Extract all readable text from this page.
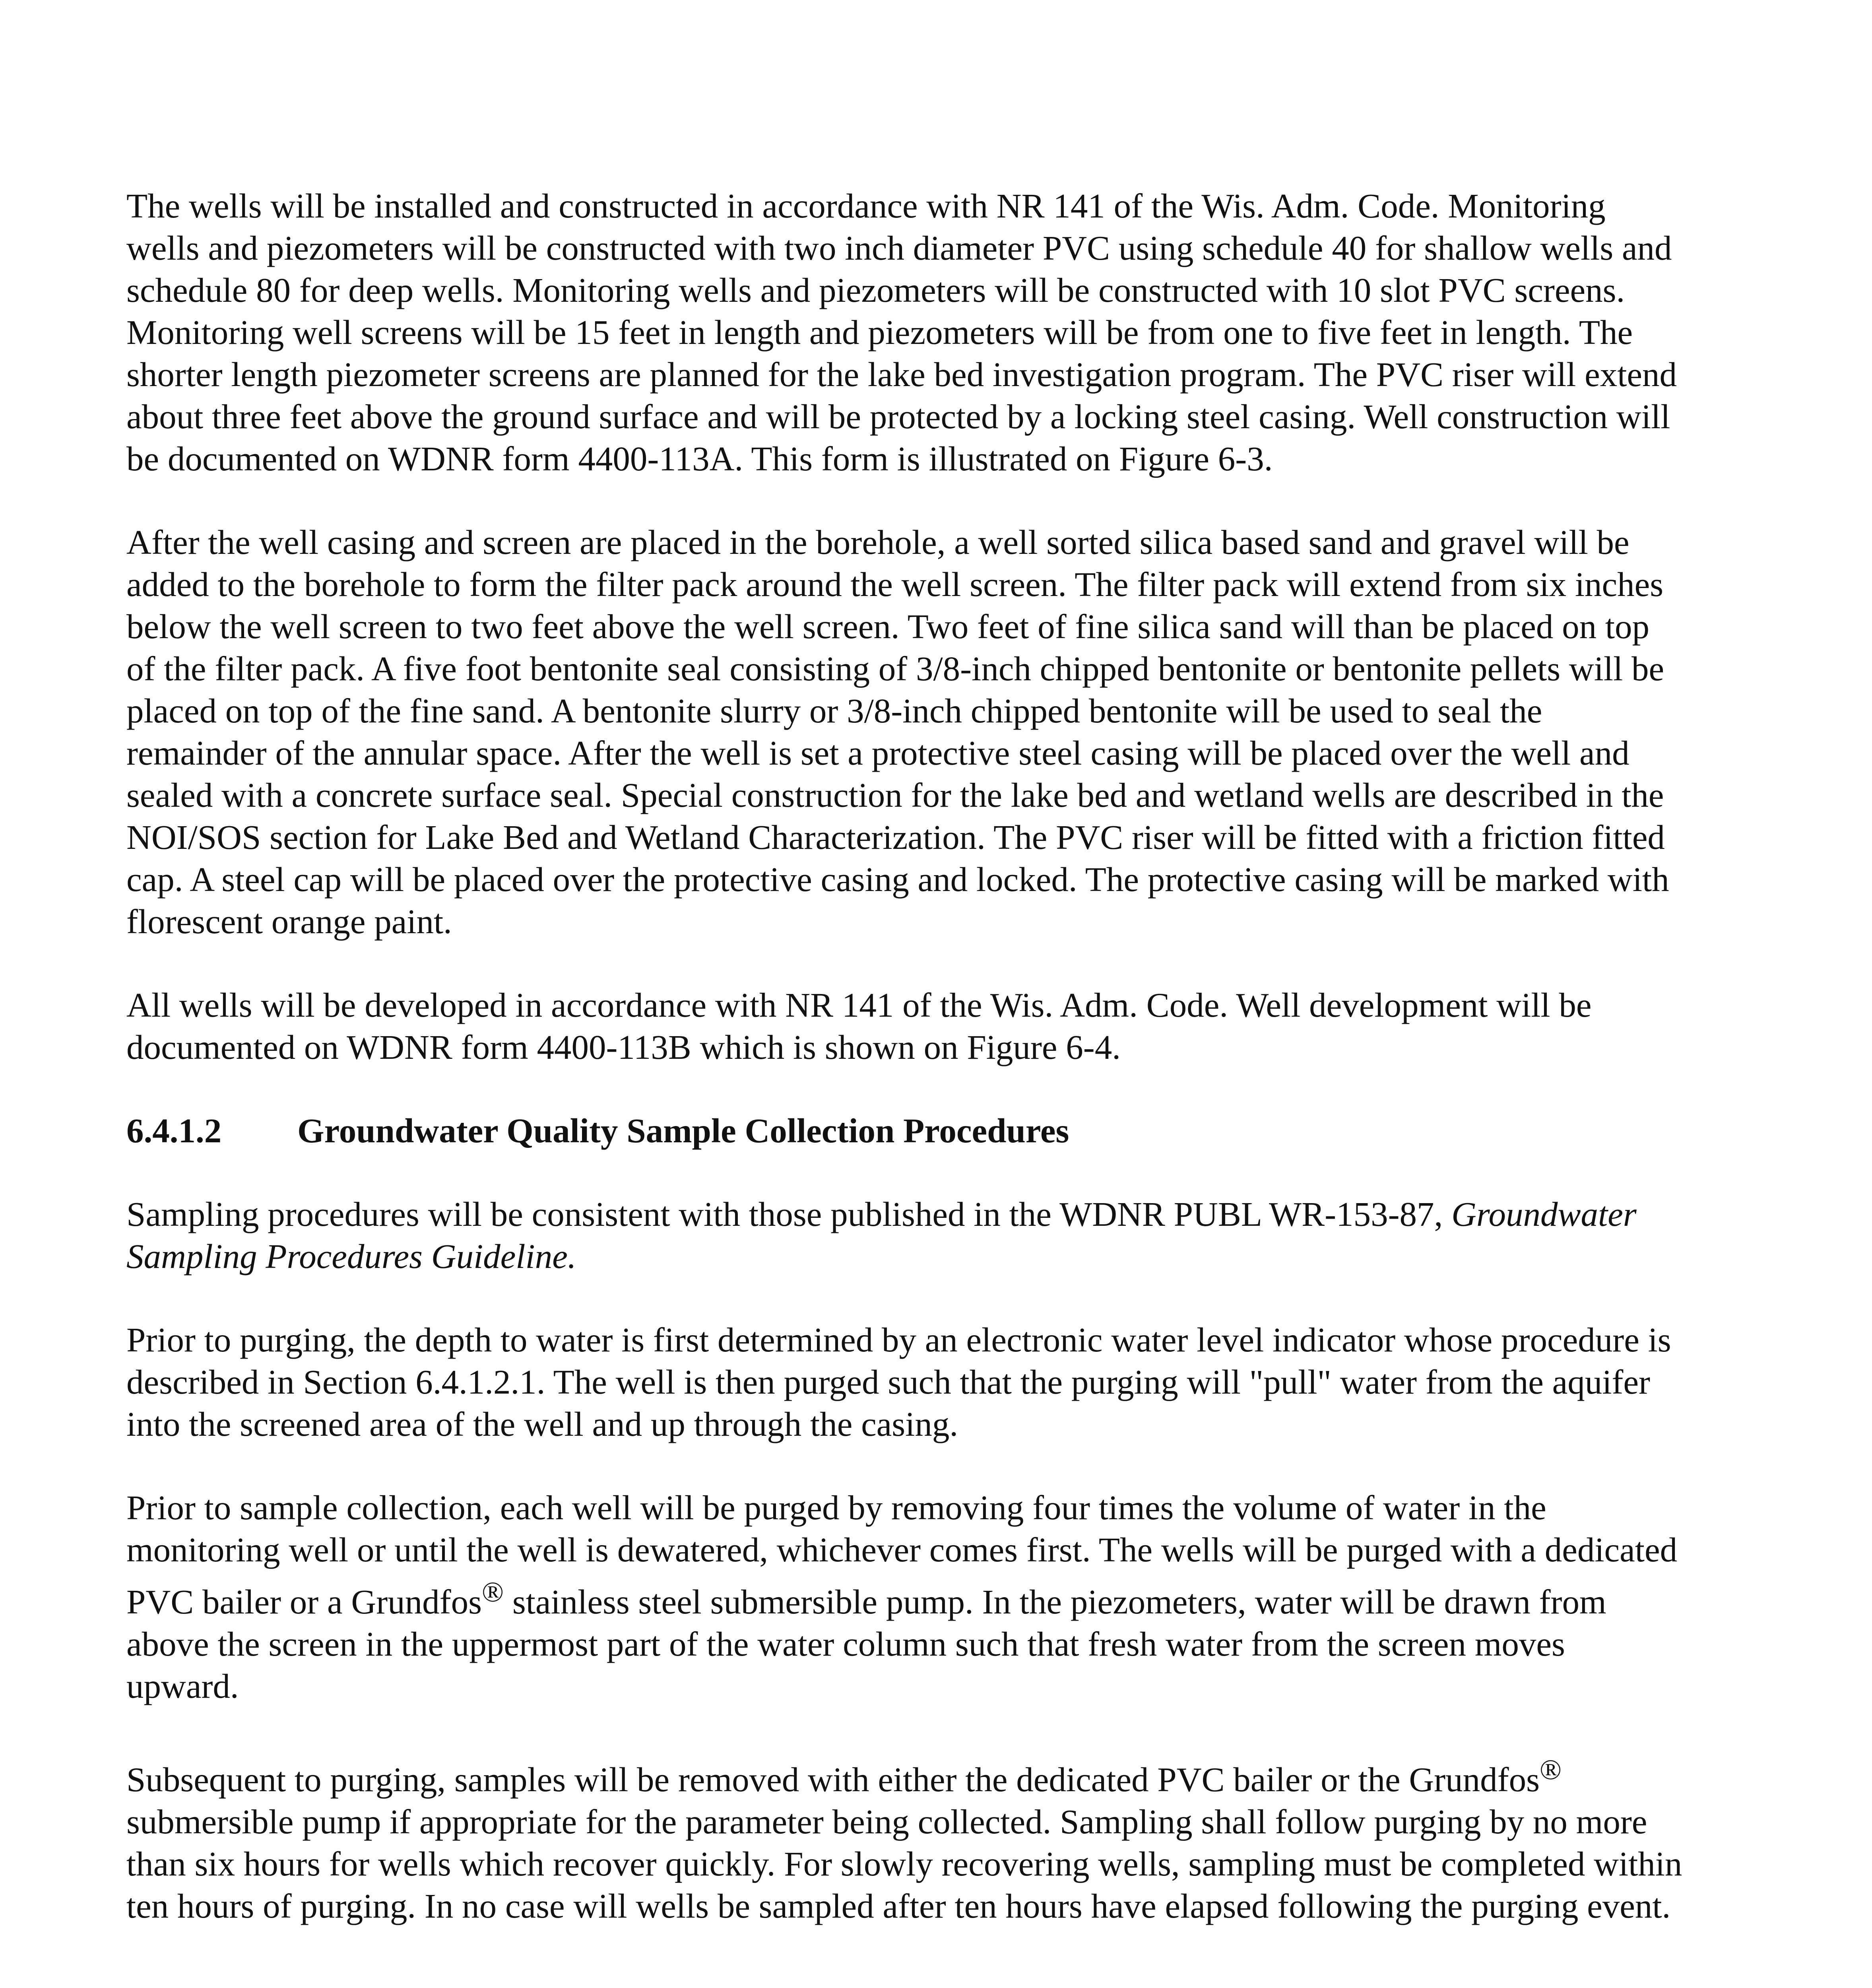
The wells will be installed and constructed in accordance with NR 141 of the Wis. Adm. Code. Monitoring wells and piezometers will be constructed with two inch diameter PVC using schedule 40 for shallow wells and schedule 80 for deep wells. Monitoring wells and piezometers will be constructed with 10 slot PVC screens. Monitoring well screens will be 15 feet in length and piezometers will be from one to five feet in length. The shorter length piezometer screens are planned for the lake bed investigation program. The PVC riser will extend about three feet above the ground surface and will be protected by a locking steel casing. Well construction will be documented on WDNR form 4400-113A. This form is illustrated on Figure 6-3.

After the well casing and screen are placed in the borehole, a well sorted silica based sand and gravel will be added to the borehole to form the filter pack around the well screen. The filter pack will extend from six inches below the well screen to two feet above the well screen. Two feet of fine silica sand will than be placed on top of the filter pack. A five foot bentonite seal consisting of 3/8-inch chipped bentonite or bentonite pellets will be placed on top of the fine sand. A bentonite slurry or 3/8-inch chipped bentonite will be used to seal the remainder of the annular space. After the well is set a protective steel casing will be placed over the well and sealed with a concrete surface seal. Special construction for the lake bed and wetland wells are described in the NOI/SOS section for Lake Bed and Wetland Characterization. The PVC riser will be fitted with a friction fitted cap. A steel cap will be placed over the protective casing and locked. The protective casing will be marked with florescent orange paint.

All wells will be developed in accordance with NR 141 of the Wis. Adm. Code. Well development will be documented on WDNR form 4400-113B which is shown on Figure 6-4.

6.4.1.2 Groundwater Quality Sample Collection Procedures

Sampling procedures will be consistent with those published in the WDNR PUBL WR-153-87, Groundwater Sampling Procedures Guideline.

Prior to purging, the depth to water is first determined by an electronic water level indicator whose procedure is described in Section 6.4.1.2.1. The well is then purged such that the purging will "pull" water from the aquifer into the screened area of the well and up through the casing.

Prior to sample collection, each well will be purged by removing four times the volume of water in the monitoring well or until the well is dewatered, whichever comes first. The wells will be purged with a dedicated PVC bailer or a Grundfos® stainless steel submersible pump. In the piezometers, water will be drawn from above the screen in the uppermost part of the water column such that fresh water from the screen moves upward.

Subsequent to purging, samples will be removed with either the dedicated PVC bailer or the Grundfos® submersible pump if appropriate for the parameter being collected. Sampling shall follow purging by no more than six hours for wells which recover quickly. For slowly recovering wells, sampling must be completed within ten hours of purging. In no case will wells be sampled after ten hours have elapsed following the purging event.
